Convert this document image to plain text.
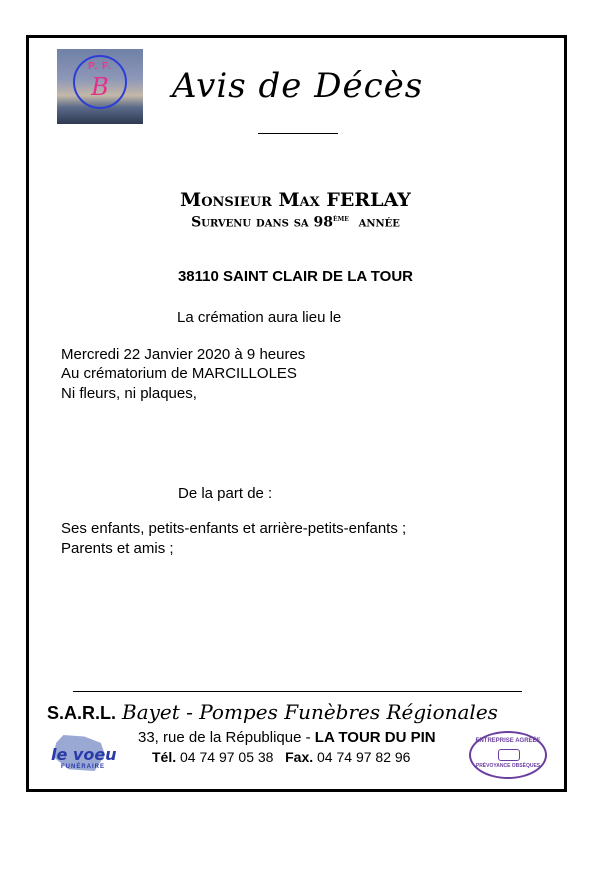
P. F.
B	Avis de Décès
Monsieur Max FERLAY
Survenu dans sa 98ème année
38110 SAINT CLAIR DE LA TOUR
La crémation aura lieu le
Mercredi 22 Janvier 2020 à 9 heures
Au crématorium de MARCILLOLES
Ni fleurs, ni plaques,
De la part de :
Ses enfants, petits-enfants et arrière-petits-enfants ;
Parents et amis ;
S.A.R.L. Bayet - Pompes Funèbres Régionales
33, rue de la République - LA TOUR DU PIN
Tél. 04 74 97 05 38 Fax. 04 74 97 82 96
le voeu
FUNÉRAIRE
ENTREPRISE AGRÉÉE
PRÉVOYANCE OBSÈQUES
